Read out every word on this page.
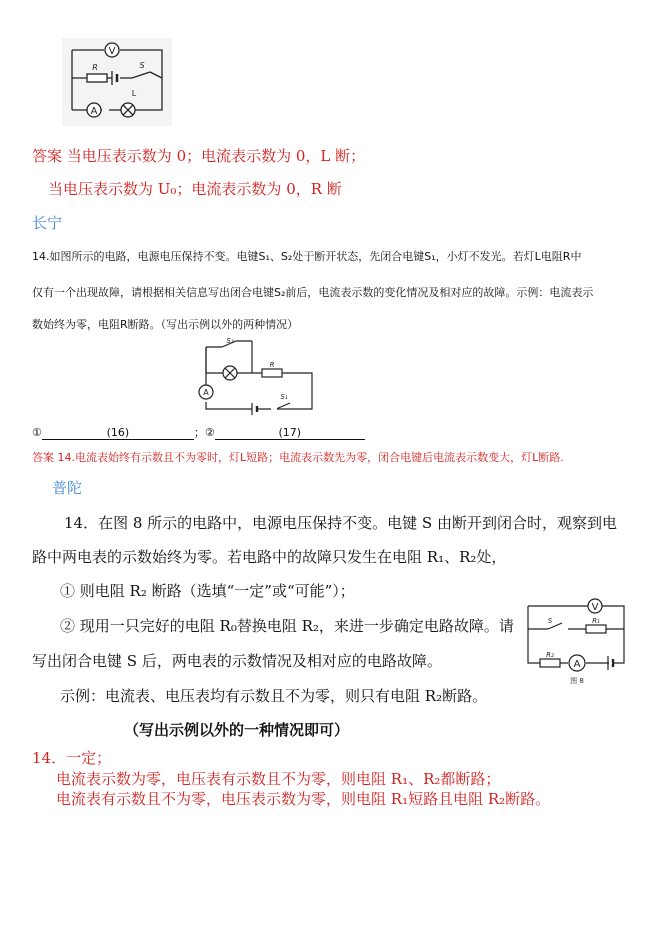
V
A
R	S
L
答案 当电压表示数为 0；电流表示数为 0，L 断；
当电压表示数为 U₀；电流表示数为 0，R 断
长宁
14.如图所示的电路，电源电压保持不变。电键S₁、S₂处于断开状态，先闭合电键S₁，小灯不发光。若灯L电阻R中
仅有一个出现故障，请根据相关信息写出闭合电键S₂前后，电流表示数的变化情况及相对应的故障。示例：电流表示
数始终为零，电阻R断路。（写出示例以外的两种情况）
A
S₂
R
S₁
①	(16)	；②	(17)
答案 14.电流表始终有示数且不为零时，灯L短路；电流表示数先为零，闭合电键后电流表示数变大，灯L断路.
普陀
14．在图 8 所示的电路中，电源电压保持不变。电键 S 由断开到闭合时，观察到电
路中两电表的示数始终为零。若电路中的故障只发生在电阻 R₁、R₂处，
① 则电阻 R₂ 断路（选填“一定”或“可能”）；
② 现用一只完好的电阻 R₀替换电阻 R₂，来进一步确定电路故障。请
写出闭合电键 S 后，两电表的示数情况及相对应的电路故障。
示例：电流表、电压表均有示数且不为零，则只有电阻 R₂断路。
（写出示例以外的一种情况即可）
V
A
S	R₁
R₂
图 8
14．一定；
电流表示数为零，电压表有示数且不为零，则电阻 R₁、R₂都断路；
电流表有示数且不为零，电压表示数为零，则电阻 R₁短路且电阻 R₂断路。
